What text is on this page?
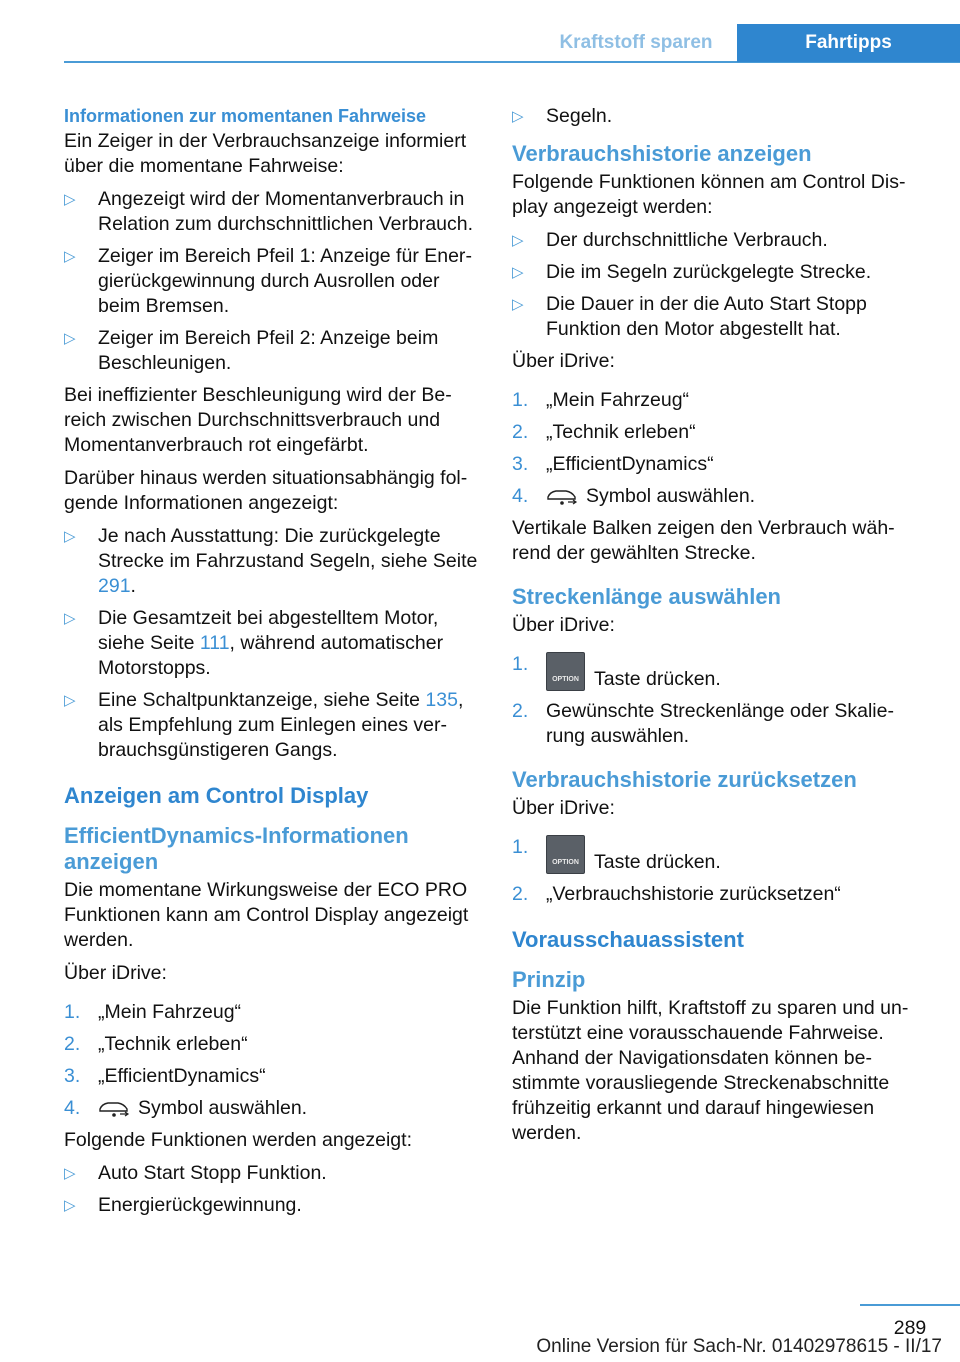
Kraftstoff sparen	Fahrtipps
Informationen zur momentanen Fahrweise

Ein Zeiger in der Verbrauchsanzeige informiert über die momentane Fahrweise:

▷ Angezeigt wird der Momentanverbrauch in Relation zum durchschnittlichen Verbrauch.
▷ Zeiger im Bereich Pfeil 1: Anzeige für Energierückgewinnung durch Ausrollen oder beim Bremsen.
▷ Zeiger im Bereich Pfeil 2: Anzeige beim Beschleunigen.

Bei ineffizienter Beschleunigung wird der Bereich zwischen Durchschnittsverbrauch und Momentanverbrauch rot eingefärbt.

Darüber hinaus werden situationsabhängig folgende Informationen angezeigt:

▷ Je nach Ausstattung: Die zurückgelegte Strecke im Fahrzustand Segeln, siehe Seite 291.
▷ Die Gesamtzeit bei abgestelltem Motor, siehe Seite 111, während automatischer Motorstopps.
▷ Eine Schaltpunktanzeige, siehe Seite 135, als Empfehlung zum Einlegen eines verbrauchsgünstigeren Gangs.
Anzeigen am Control Display
EfficientDynamics-Informationen anzeigen

Die momentane Wirkungsweise der ECO PRO Funktionen kann am Control Display angezeigt werden.

Über iDrive:

1. „Mein Fahrzeug“
2. „Technik erleben“
3. „EfficientDynamics“
4.	Symbol auswählen.

Folgende Funktionen werden angezeigt:

▷ Auto Start Stopp Funktion.
▷ Energierückgewinnung.
▷ Segeln.
Verbrauchshistorie anzeigen

Folgende Funktionen können am Control Display angezeigt werden:

▷ Der durchschnittliche Verbrauch.
▷ Die im Segeln zurückgelegte Strecke.
▷ Die Dauer in der die Auto Start Stopp Funktion den Motor abgestellt hat.

Über iDrive:

1. „Mein Fahrzeug“
2. „Technik erleben“
3. „EfficientDynamics“
4.	Symbol auswählen.

Vertikale Balken zeigen den Verbrauch während der gewählten Strecke.

Streckenlänge auswählen

Über iDrive:

1.
OPTION Taste drücken.
2. Gewünschte Streckenlänge oder Skalierung auswählen.
Verbrauchshistorie zurücksetzen

Über iDrive:

1.
OPTION Taste drücken.
2. „Verbrauchshistorie zurücksetzen“
Vorausschauassistent
Prinzip

Die Funktion hilft, Kraftstoff zu sparen und unterstützt eine vorausschauende Fahrweise. Anhand der Navigationsdaten können bestimmte vorausliegende Streckenabschnitte frühzeitig erkannt und darauf hingewiesen werden.

289
Online Version für Sach-Nr. 01402978615 - II/17
